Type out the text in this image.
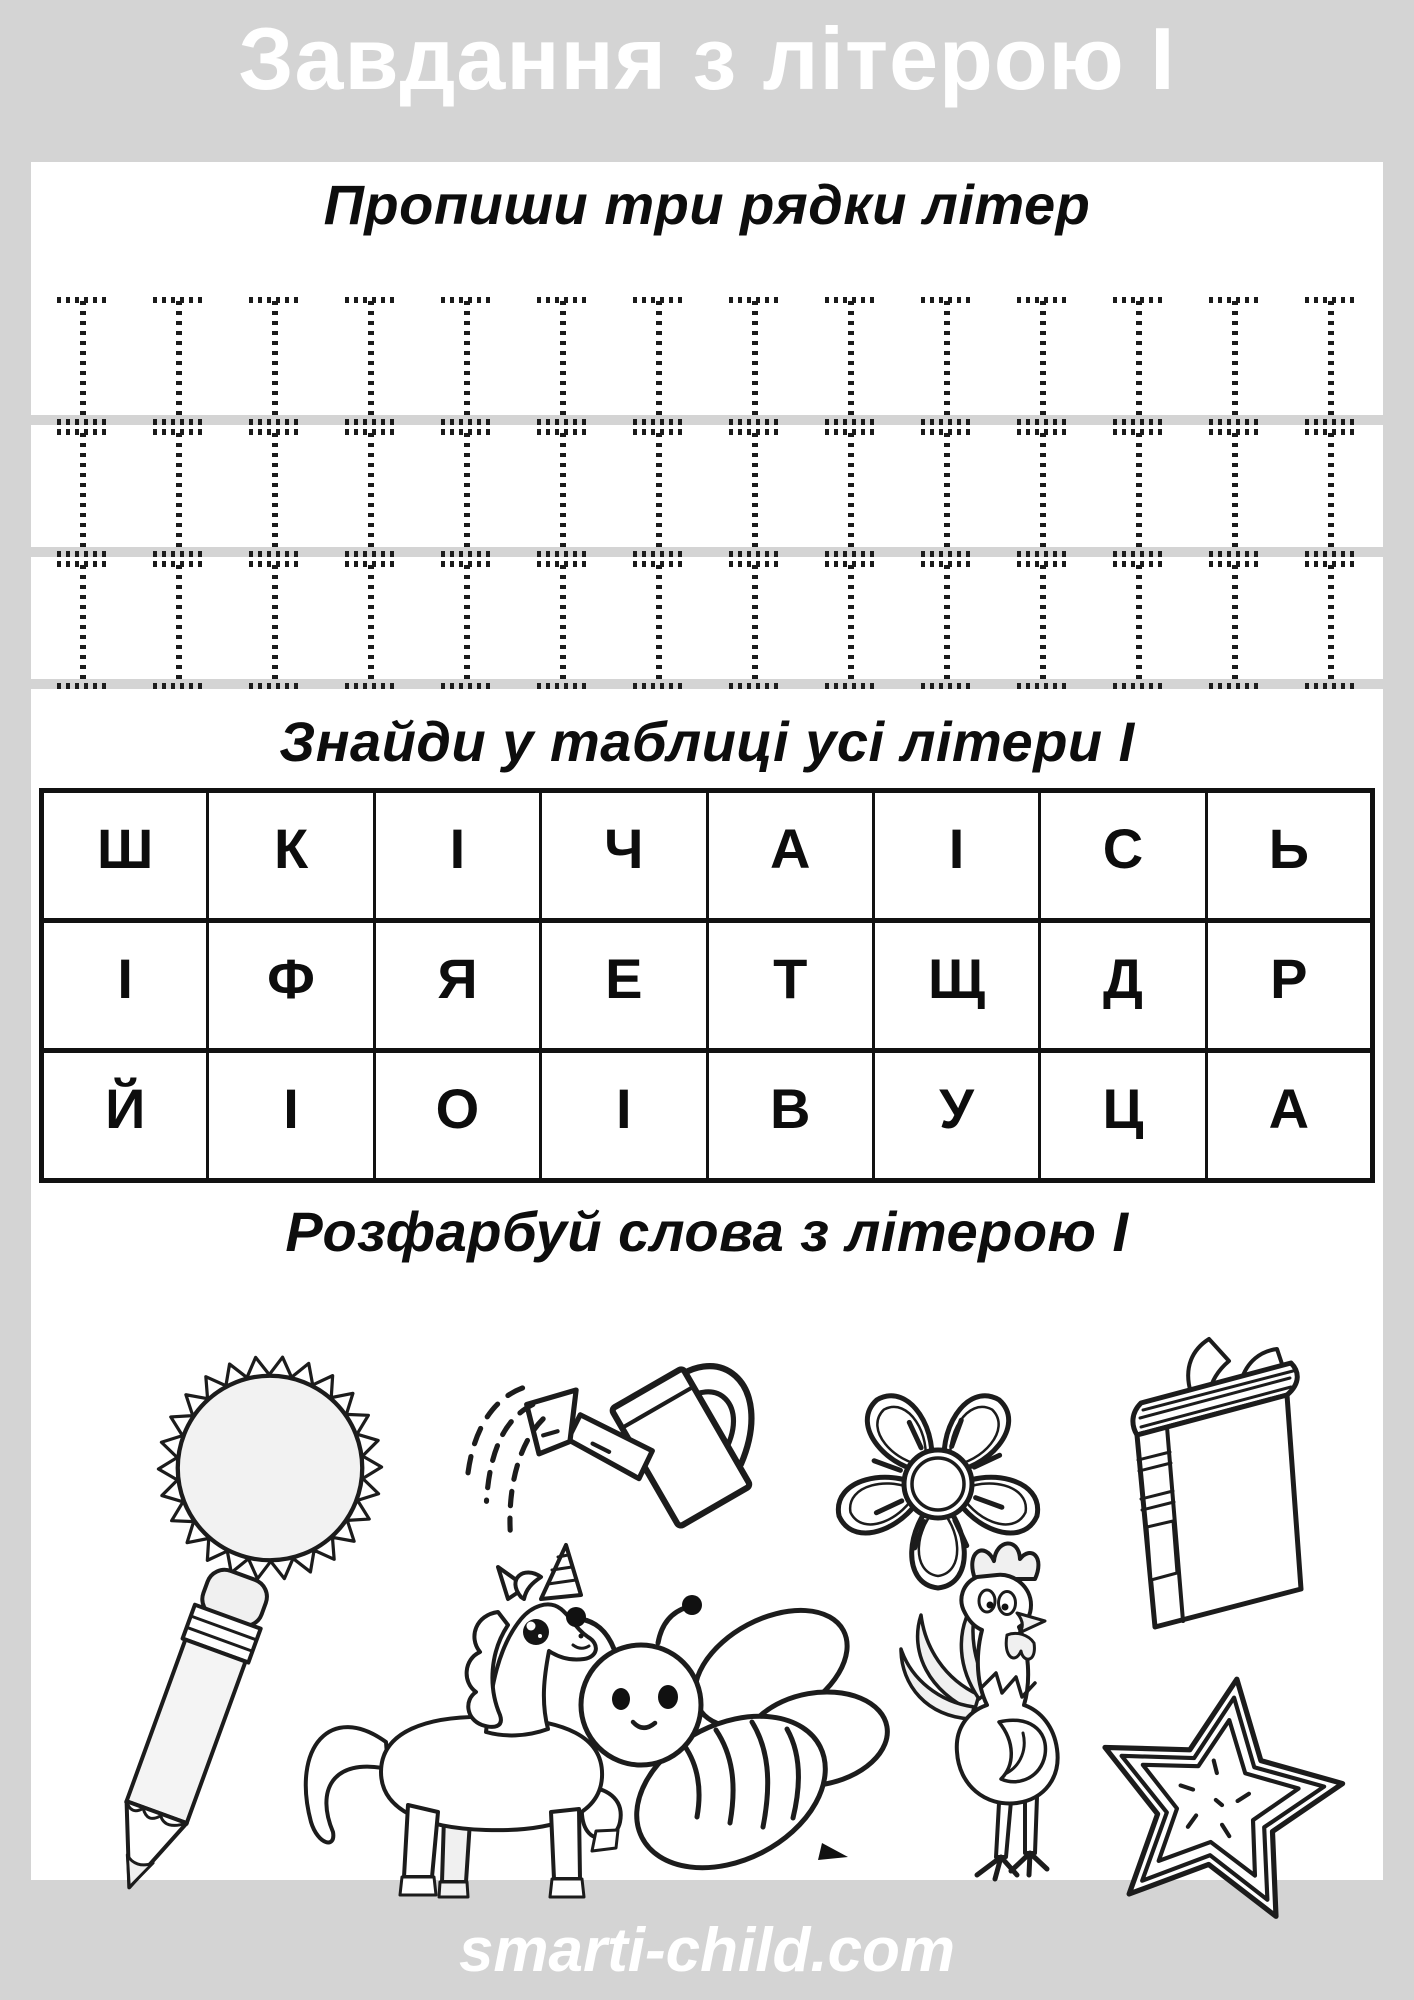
Завдання з літерою І
Пропиши три рядки літер
Знайди у таблиці усі літери І
Ш	К	І	Ч	А	І	С	Ь
І	Ф	Я	Е	Т	Щ	Д	Р
Й	І	О	І	В	У	Ц	А
Розфарбуй слова з літерою І
smarti-child.com
